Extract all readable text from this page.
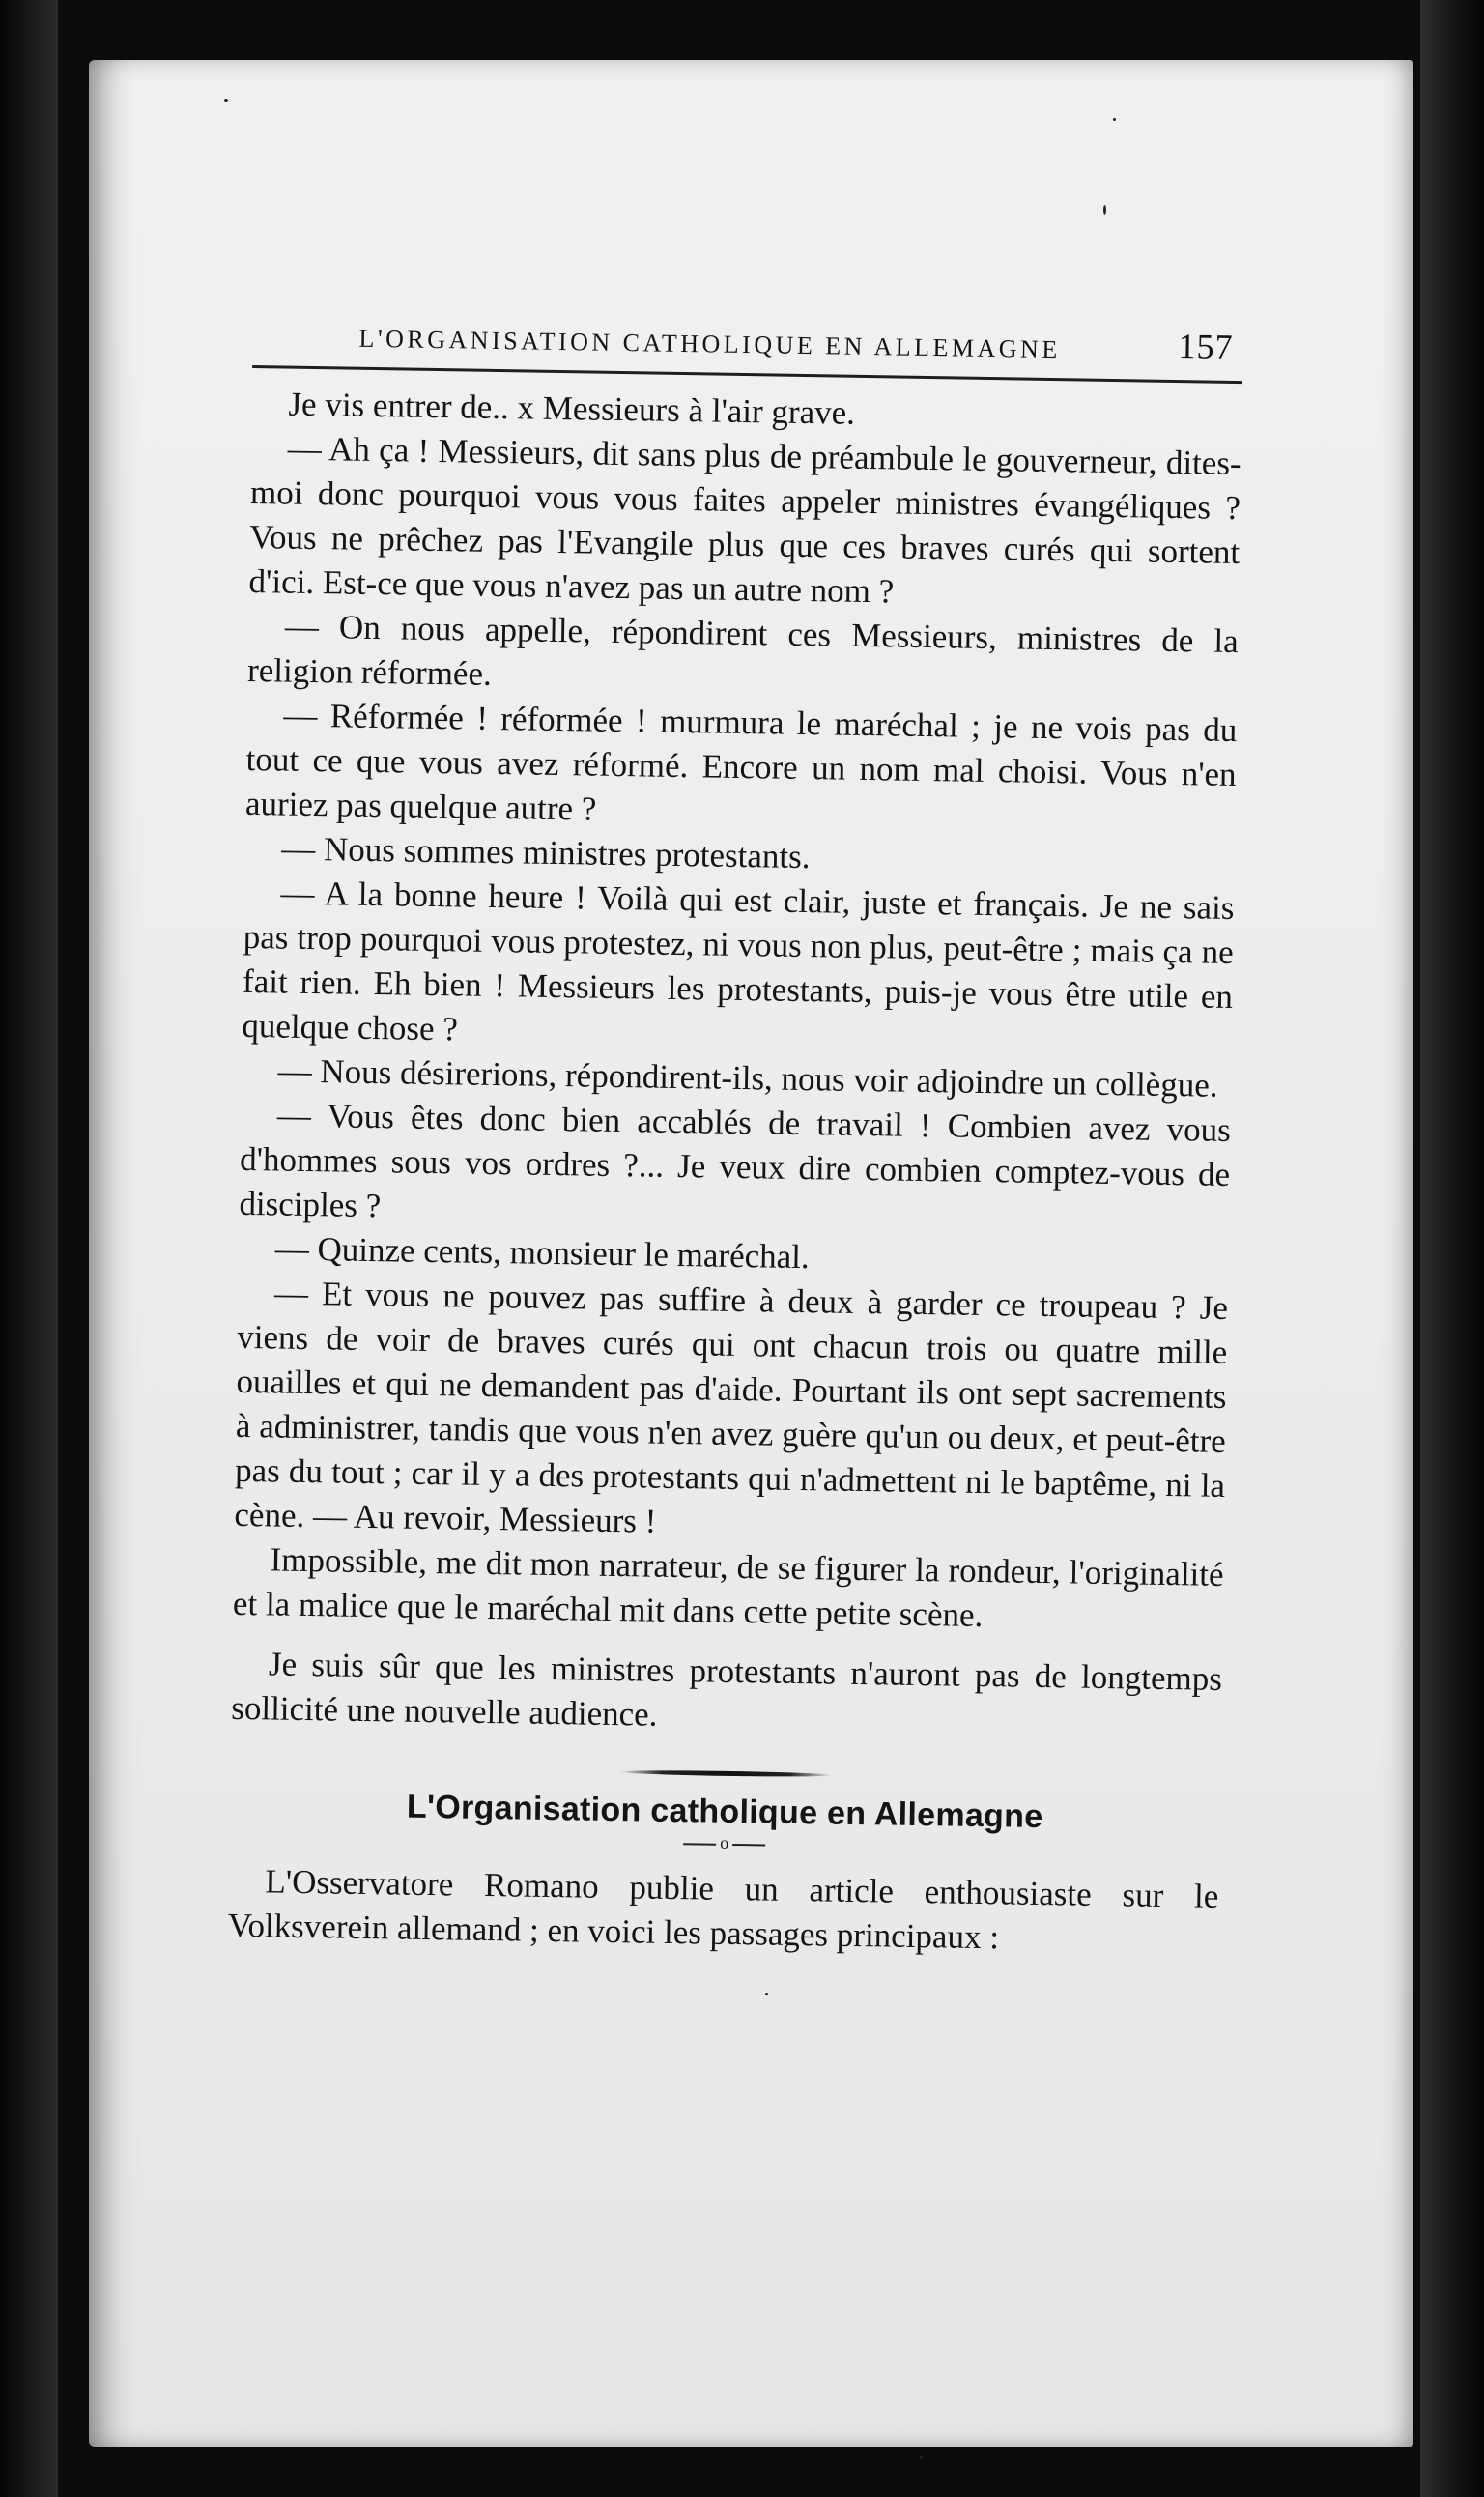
L'ORGANISATION CATHOLIQUE EN ALLEMAGNE	157

Je vis entrer de.. x Messieurs à l'air grave.

— Ah ça ! Messieurs, dit sans plus de préambule le gouverneur, dites-moi donc pourquoi vous vous faites appeler ministres évangéliques ? Vous ne prêchez pas l'Evangile plus que ces braves curés qui sortent d'ici. Est-ce que vous n'avez pas un autre nom ?

— On nous appelle, répondirent ces Messieurs, ministres de la religion réformée.

— Réformée ! réformée ! murmura le maréchal ; je ne vois pas du tout ce que vous avez réformé. Encore un nom mal choisi. Vous n'en auriez pas quelque autre ?

— Nous sommes ministres protestants.

— A la bonne heure ! Voilà qui est clair, juste et français. Je ne sais pas trop pourquoi vous protestez, ni vous non plus, peut-être ; mais ça ne fait rien. Eh bien ! Messieurs les protestants, puis-je vous être utile en quelque chose ?

— Nous désirerions, répondirent-ils, nous voir adjoindre un collègue.

— Vous êtes donc bien accablés de travail ! Combien avez vous d'hommes sous vos ordres ?... Je veux dire combien comptez-vous de disciples ?

— Quinze cents, monsieur le maréchal.

— Et vous ne pouvez pas suffire à deux à garder ce troupeau ? Je viens de voir de braves curés qui ont chacun trois ou quatre mille ouailles et qui ne demandent pas d'aide. Pourtant ils ont sept sacrements à administrer, tandis que vous n'en avez guère qu'un ou deux, et peut-être pas du tout ; car il y a des protestants qui n'admettent ni le baptême, ni la cène. — Au revoir, Messieurs !

Impossible, me dit mon narrateur, de se figurer la rondeur, l'originalité et la malice que le maréchal mit dans cette petite scène.

Je suis sûr que les ministres protestants n'auront pas de longtemps sollicité une nouvelle audience.

L'Organisation catholique en Allemagne
o

L'Osservatore Romano publie un article enthousiaste sur le Volksverein allemand ; en voici les passages principaux :
